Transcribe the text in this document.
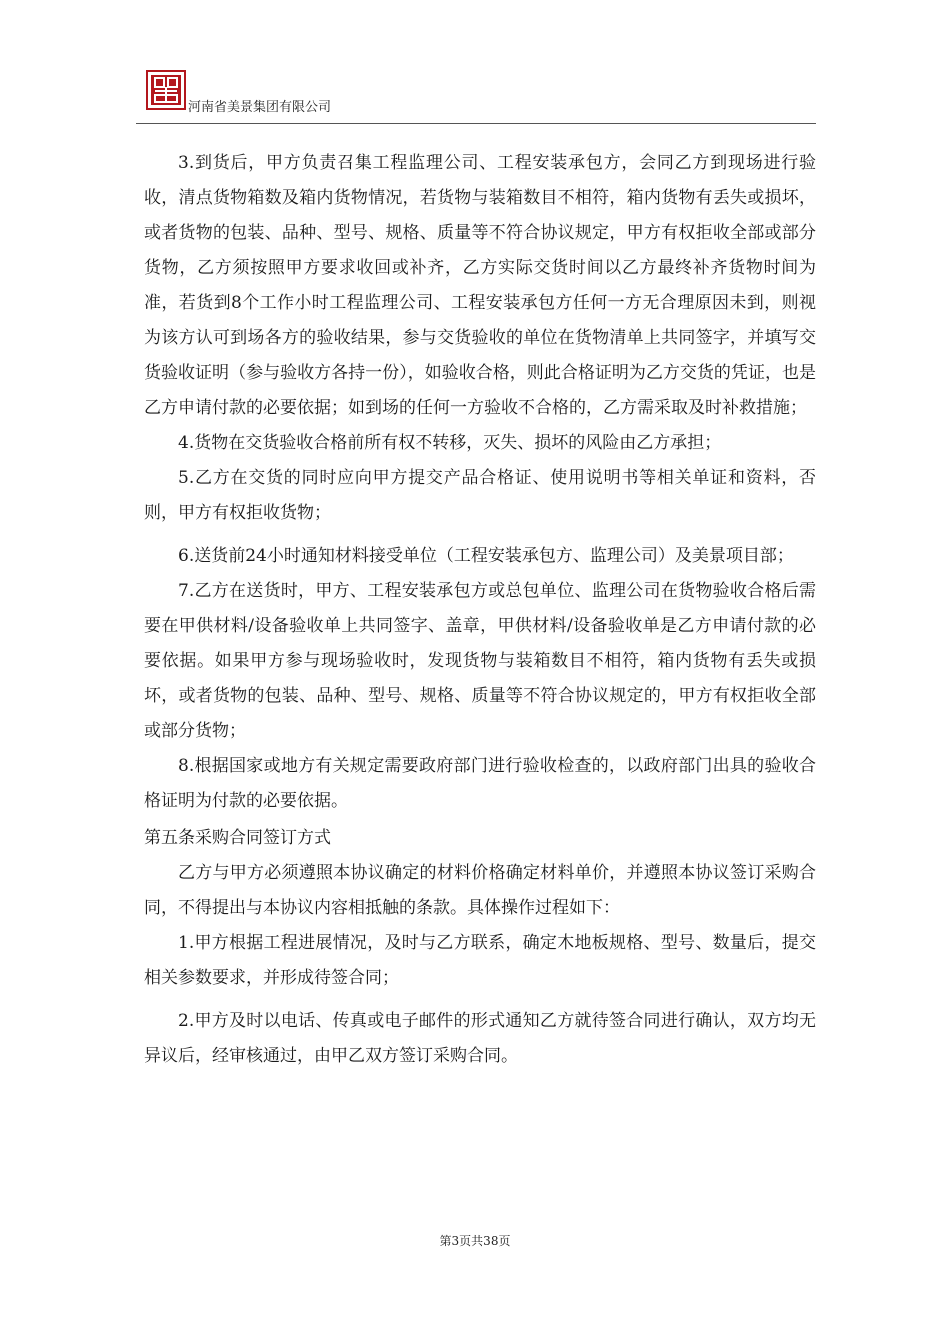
河南省美景集团有限公司

3.到货后，甲方负责召集工程监理公司、工程安装承包方，会同乙方到现场进行验收，清点货物箱数及箱内货物情况，若货物与装箱数目不相符，箱内货物有丢失或损坏，或者货物的包装、品种、型号、规格、质量等不符合协议规定，甲方有权拒收全部或部分货物，乙方须按照甲方要求收回或补齐，乙方实际交货时间以乙方最终补齐货物时间为准，若货到8个工作小时工程监理公司、工程安装承包方任何一方无合理原因未到，则视为该方认可到场各方的验收结果，参与交货验收的单位在货物清单上共同签字，并填写交货验收证明（参与验收方各持一份），如验收合格，则此合格证明为乙方交货的凭证，也是乙方申请付款的必要依据；如到场的任何一方验收不合格的，乙方需采取及时补救措施；

4.货物在交货验收合格前所有权不转移，灭失、损坏的风险由乙方承担；

5.乙方在交货的同时应向甲方提交产品合格证、使用说明书等相关单证和资料，否则，甲方有权拒收货物；

6.送货前24小时通知材料接受单位（工程安装承包方、监理公司）及美景项目部；

7.乙方在送货时，甲方、工程安装承包方或总包单位、监理公司在货物验收合格后需要在甲供材料/设备验收单上共同签字、盖章，甲供材料/设备验收单是乙方申请付款的必要依据。如果甲方参与现场验收时，发现货物与装箱数目不相符，箱内货物有丢失或损坏，或者货物的包装、品种、型号、规格、质量等不符合协议规定的，甲方有权拒收全部或部分货物；

8.根据国家或地方有关规定需要政府部门进行验收检查的，以政府部门出具的验收合格证明为付款的必要依据。

第五条采购合同签订方式

乙方与甲方必须遵照本协议确定的材料价格确定材料单价，并遵照本协议签订采购合同，不得提出与本协议内容相抵触的条款。具体操作过程如下：

1.甲方根据工程进展情况，及时与乙方联系，确定木地板规格、型号、数量后，提交相关参数要求，并形成待签合同；

2.甲方及时以电话、传真或电子邮件的形式通知乙方就待签合同进行确认，双方均无异议后，经审核通过，由甲乙双方签订采购合同。

第3页共38页
